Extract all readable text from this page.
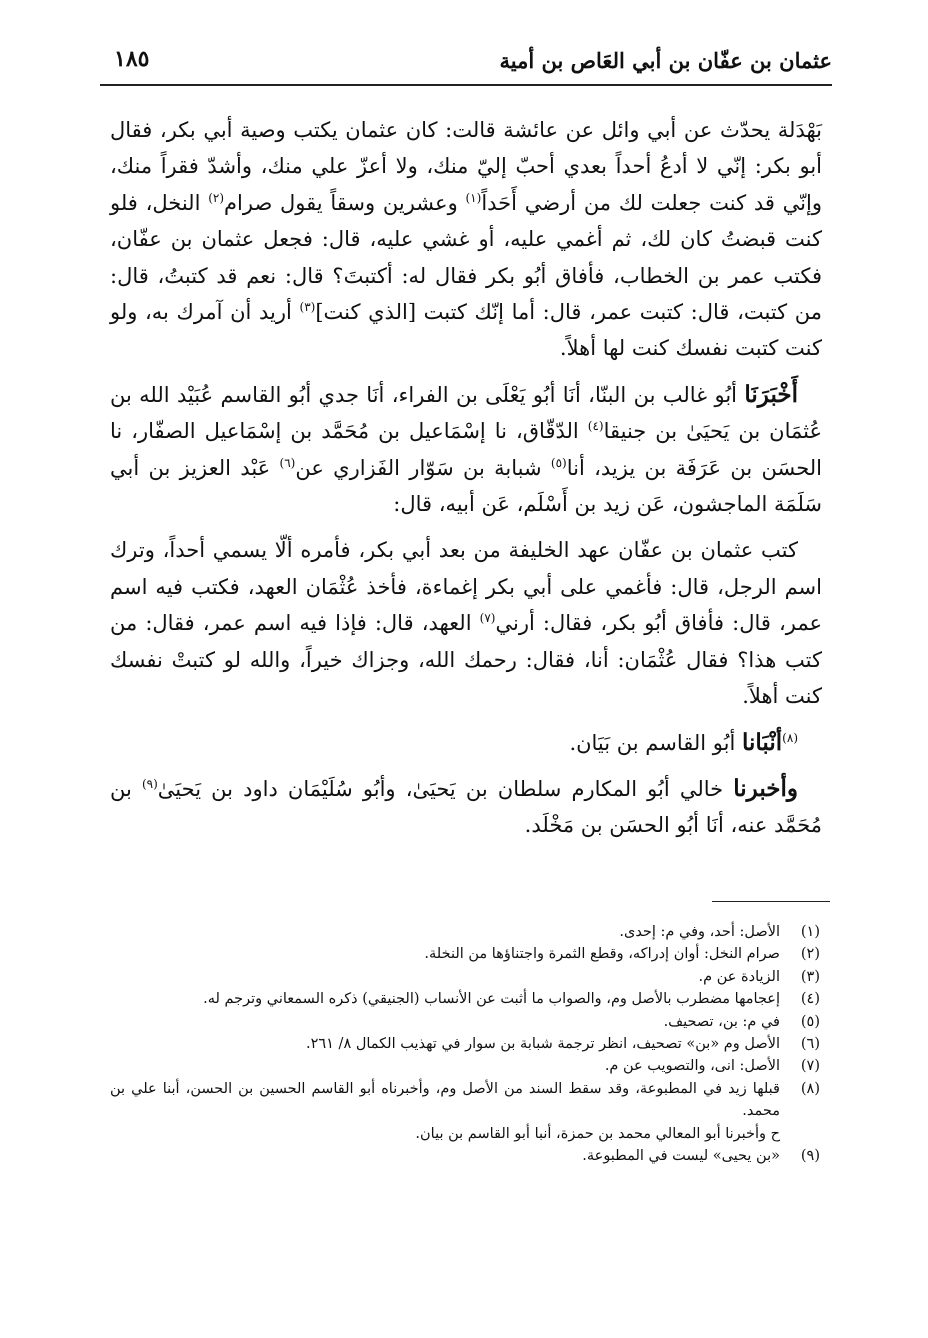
عثمان بن عفّان بن أبي العَاص بن أمية
١٨٥

بَهْدَلة يحدّث عن أبي وائل عن عائشة قالت: كان عثمان يكتب وصية أبي بكر، فقال أبو بكر: إنّي لا أدعُ أحداً بعدي أحبّ إليّ منك، ولا أعزّ علي منك، وأشدّ فقراً منك، وإنّي قد كنت جعلت لك من أرضي أَحَداً$^{(١)}$ وعشرين وسقاً يقول صرام$^{(٢)}$ النخل، فلو كنت قبضتُ كان لك، ثم أغمي عليه، أو غشي عليه، قال: فجعل عثمان بن عفّان، فكتب عمر بن الخطاب، فأفاق أبُو بكر فقال له: أكتبتَ؟ قال: نعم قد كتبتُ، قال: من كتبت، قال: كتبت عمر، قال: أما إنّك كتبت [الذي كنت]$^{(٣)}$ أريد أن آمرك به، ولو كنت كتبت نفسك كنت لها أهلاً.

أَخْبَرَنَا أبُو غالب بن البنّا، أنَا أبُو يَعْلَى بن الفراء، أنَا جدي أبُو القاسم عُبَيْد الله بن عُثمَان بن يَحيَىٰ بن جنيقا$^{(٤)}$ الدّقّاق، نا إسْمَاعيل بن مُحَمَّد بن إسْمَاعيل الصفّار، نا الحسَن بن عَرَفَة بن يزيد، أنا$^{(٥)}$ شبابة بن سَوّار الفَزاري عن$^{(٦)}$ عَبْد العزيز بن أبي سَلَمَة الماجشون، عَن زيد بن أَسْلَم، عَن أبيه، قال:

كتب عثمان بن عفّان عهد الخليفة من بعد أبي بكر، فأمره ألّا يسمي أحداً، وترك اسم الرجل، قال: فأغمي على أبي بكر إغماءة، فأخذ عُثْمَان العهد، فكتب فيه اسم عمر، قال: فأفاق أبُو بكر، فقال: أرني$^{(٧)}$ العهد، قال: فإذا فيه اسم عمر، فقال: من كتب هذا؟ فقال عُثْمَان: أنا، فقال: رحمك الله، وجزاك خيراً، والله لو كتبتْ نفسك كنت أهلاً.

$^{(٨)}$أنْبَانا أبُو القاسم بن بَيَان.

وأخبرنا خالي أبُو المكارم سلطان بن يَحيَىٰ، وأبُو سُلَيْمَان داود بن يَحيَىٰ$^{(٩)}$ بن مُحَمَّد عنه، أنَا أبُو الحسَن بن مَخْلَد.

(١)
الأصل: أحد، وفي م: إحدى.
(٢)
صرام النخل: أوان إدراكه، وقطع الثمرة واجتناؤها من النخلة.
(٣)
الزيادة عن م.
(٤)
إعجامها مضطرب بالأصل وم، والصواب ما أثبت عن الأنساب (الجنيقي) ذكره السمعاني وترجم له.
(٥)
في م: بن، تصحيف.
(٦)
الأصل وم «بن» تصحيف، انظر ترجمة شبابة بن سوار في تهذيب الكمال ٨/ ٢٦١.
(٧)
الأصل: انى، والتصويب عن م.
(٨)
قبلها زيد في المطبوعة، وقد سقط السند من الأصل وم، وأخبرناه أبو القاسم الحسين بن الحسن، أبنا علي بن محمد.
ح وأخبرنا أبو المعالي محمد بن حمزة، أنبا أبو القاسم بن بيان.
(٩)
«بن يحيى» ليست في المطبوعة.
